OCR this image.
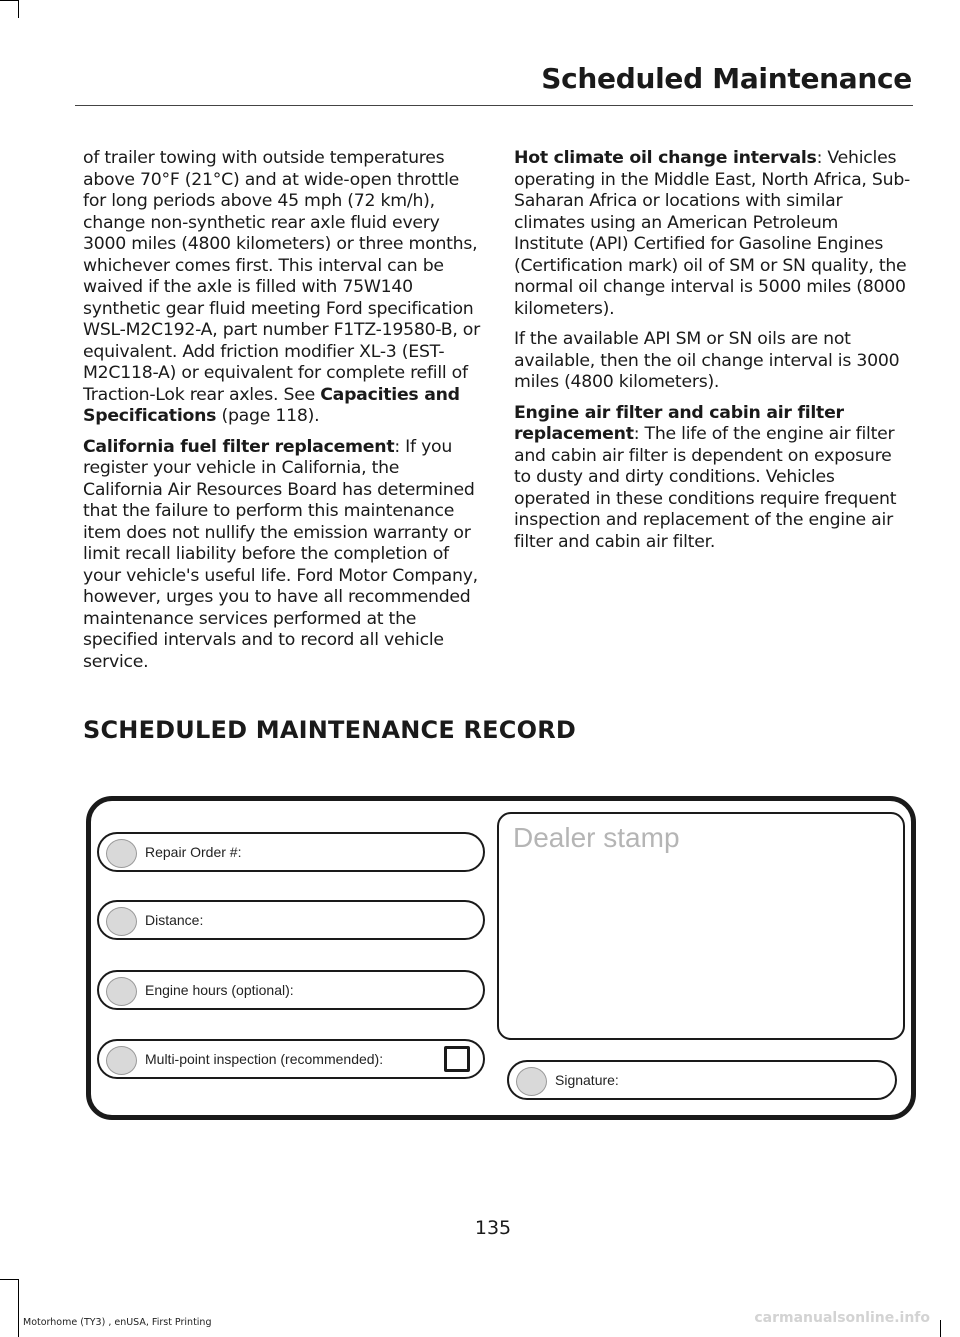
Scheduled Maintenance

of trailer towing with outside temperatures above 70°F (21°C) and at wide-open throttle for long periods above 45 mph (72 km/h), change non-synthetic rear axle fluid every 3000 miles (4800 kilometers) or three months, whichever comes first. This interval can be waived if the axle is filled with 75W140 synthetic gear fluid meeting Ford specification WSL-M2C192-A, part number F1TZ-19580-B, or equivalent. Add friction modifier XL-3 (EST-M2C118-A) or equivalent for complete refill of Traction-Lok rear axles. See Capacities and Specifications (page 118).

California fuel filter replacement: If you register your vehicle in California, the California Air Resources Board has determined that the failure to perform this maintenance item does not nullify the emission warranty or limit recall liability before the completion of your vehicle's useful life. Ford Motor Company, however, urges you to have all recommended maintenance services performed at the specified intervals and to record all vehicle service.

Hot climate oil change intervals: Vehicles operating in the Middle East, North Africa, Sub-Saharan Africa or locations with similar climates using an American Petroleum Institute (API) Certified for Gasoline Engines (Certification mark) oil of SM or SN quality, the normal oil change interval is 5000 miles (8000 kilometers).

If the available API SM or SN oils are not available, then the oil change interval is 3000 miles (4800 kilometers).

Engine air filter and cabin air filter replacement: The life of the engine air filter and cabin air filter is dependent on exposure to dusty and dirty conditions. Vehicles operated in these conditions require frequent inspection and replacement of the engine air filter and cabin air filter.

SCHEDULED MAINTENANCE RECORD
Repair Order #:
Distance:
Engine hours (optional):
Multi-point inspection (recommended):
Dealer stamp
Signature:
135
Motorhome (TY3) , enUSA, First Printing	carmanualsonline.info
